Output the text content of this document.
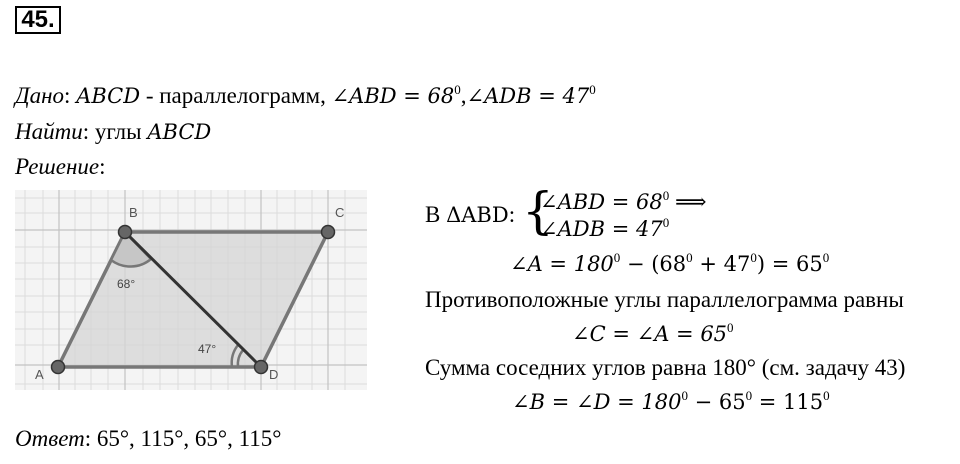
45.
Дано: ABCD - параллелограмм, ∠ABD = $68^0,\angle ADB = 47^0$
Найти: углы ABCD
Решение:
A
B	C
D
68°
47°
В ΔABD: {
∠ABD = $68^0$ ⟹
∠ADB = $47^0$
∠A = $180^0 - (68^0 + 47^0) = 65^0$
Противоположные углы параллелограмма равны
∠C = ∠A = $65^0$
Сумма соседних углов равна 180° (см. задачу 43)
∠B = ∠D = $180^0 - 65^0 = 115^0$
Ответ: 65°, 115°, 65°, 115°
